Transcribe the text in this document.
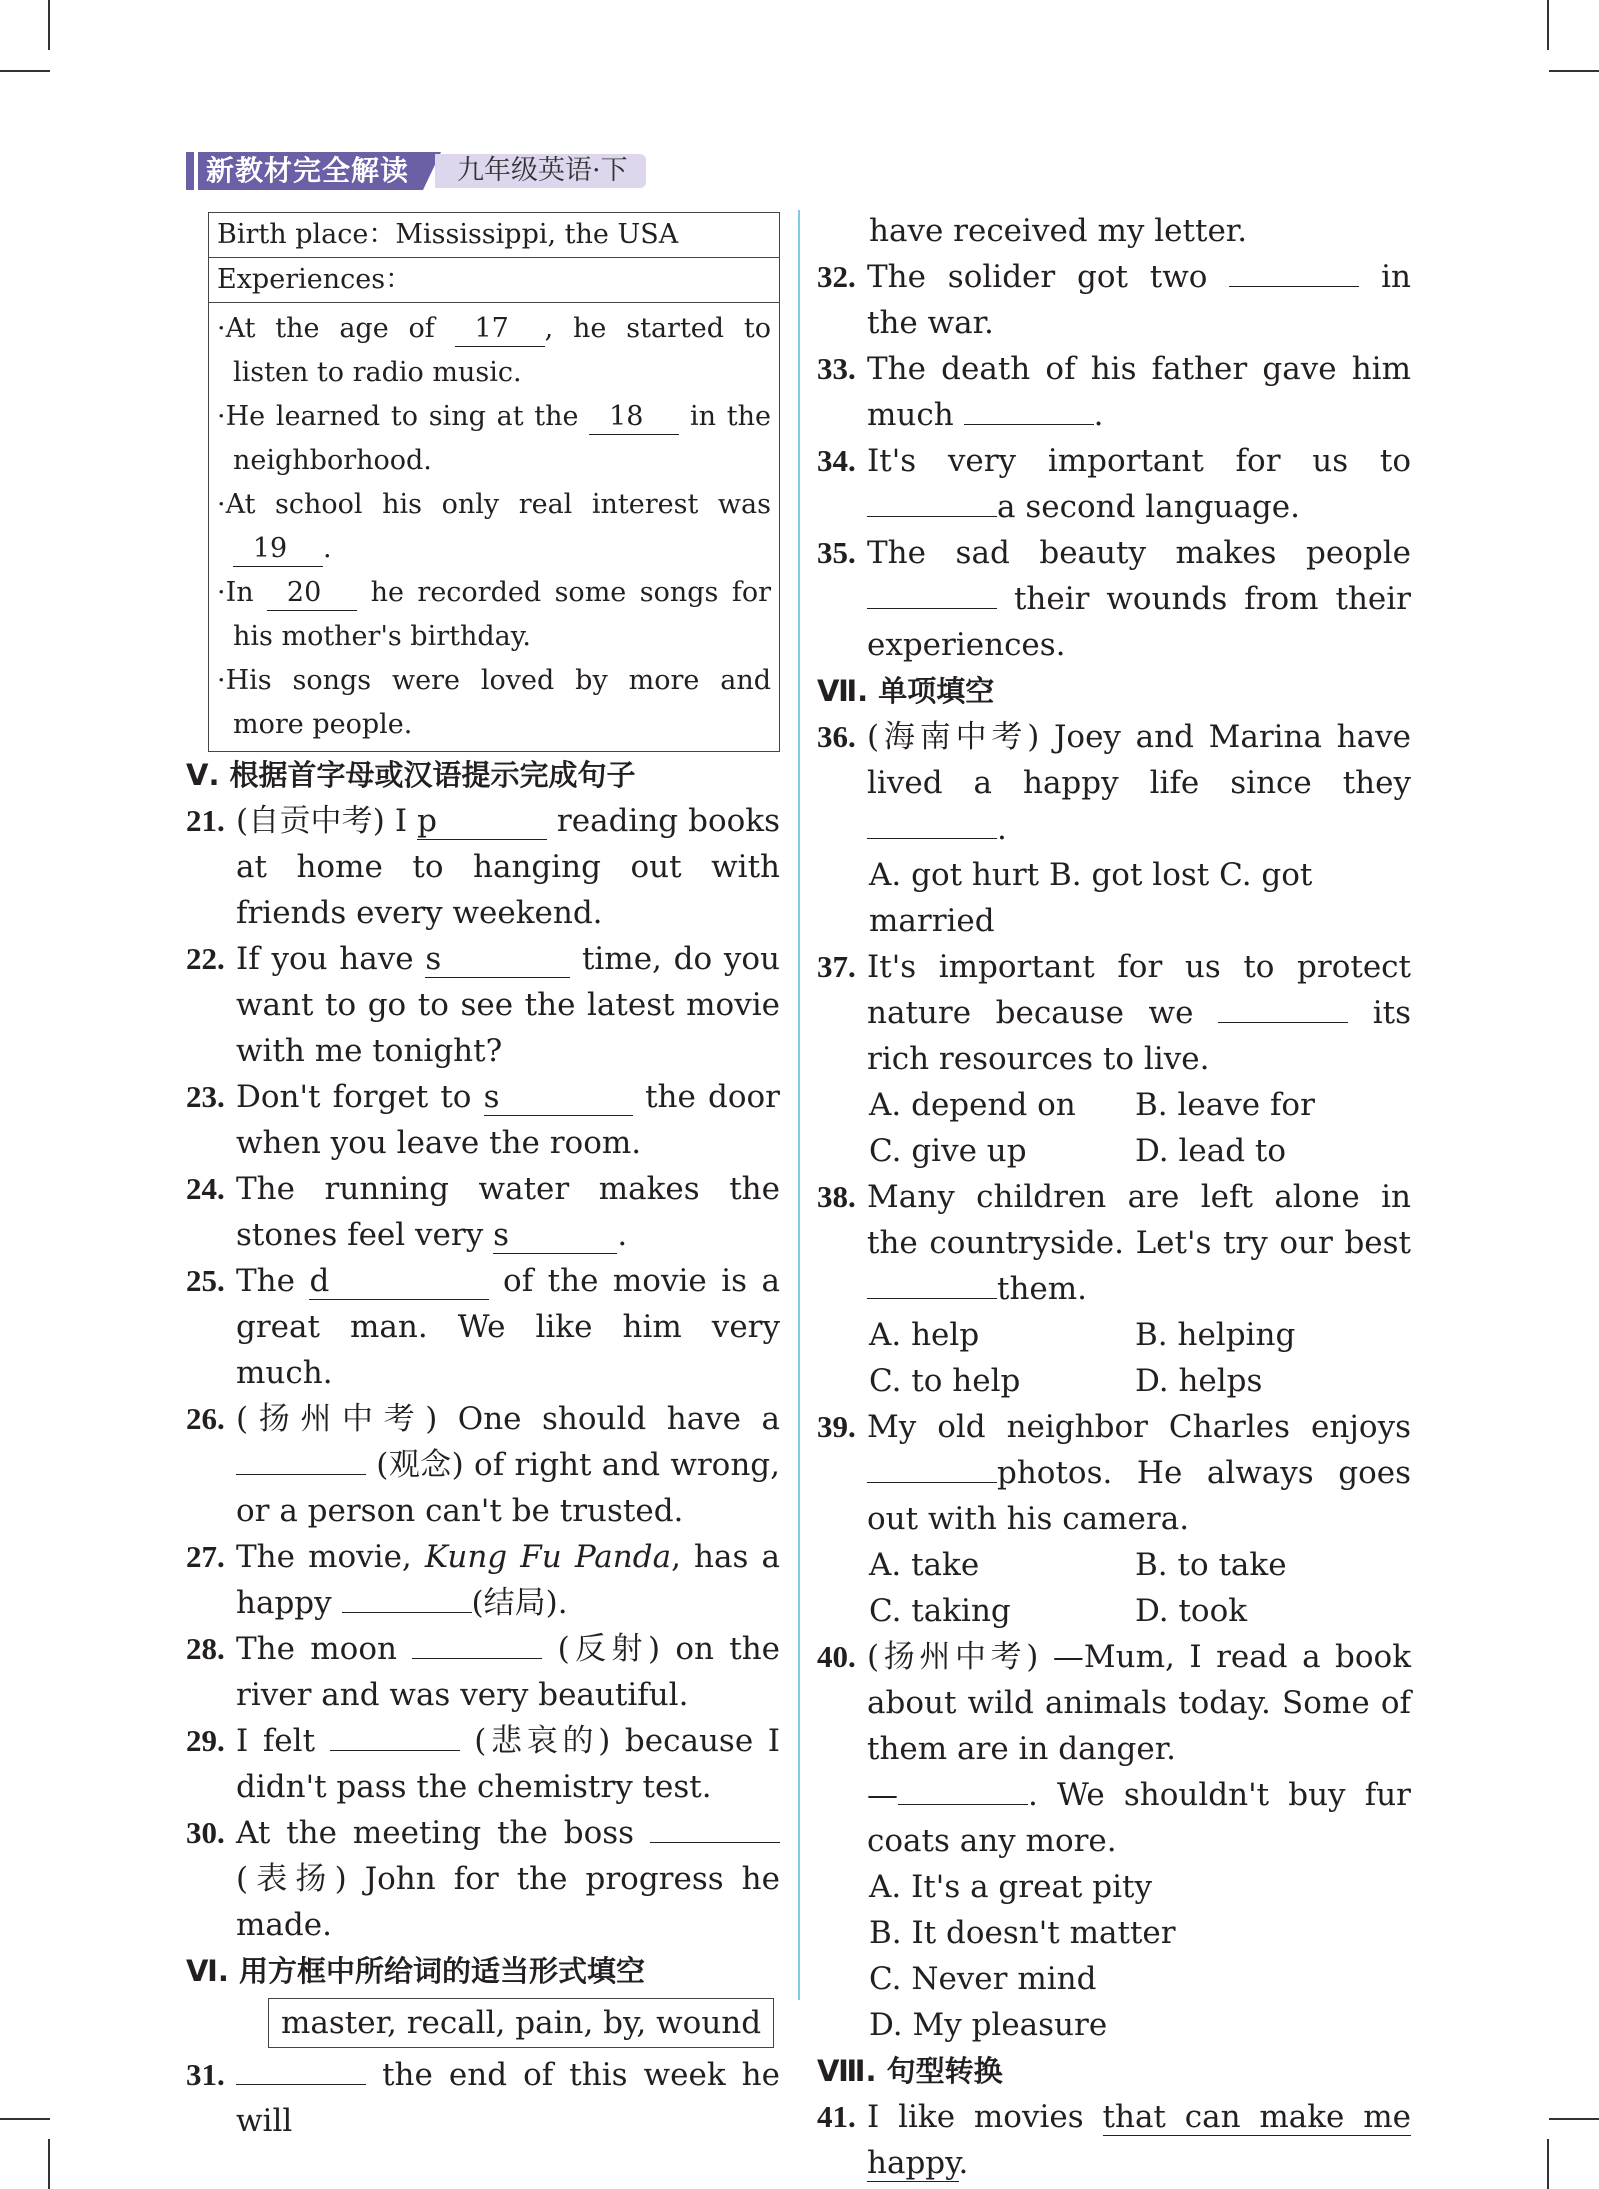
新教材完全解读	九年级英语·下
Birth place：Mississippi, the USA
Experiences：
·At the age of 17 , he started to listen to radio music.
·He learned to sing at the 18 in the neighborhood.
·At school his only real interest was 19 .
·In 20 he recorded some songs for his mother's birthday.
·His songs were loved by more and more people.
Ⅴ. 根据首字母或汉语提示完成句子
21. (自贡中考) I p	reading books at home to hanging out with friends every weekend.
22. If you have s	time, do you want to go to see the latest movie with me tonight?
23. Don't forget to s	the door when you leave the room.
24. The running water makes the stones feel very s	.
25. The d	of the movie is a great man. We like him very much.
26. (扬州中考) One should have a  (观念) of right and wrong, or a person can't be trusted.
27. The movie, Kung Fu Panda, has a happy	(结局).
28. The moon	(反射) on the river and was very beautiful.
29. I felt	(悲哀的) because I didn't pass the chemistry test.
30. At the meeting the boss (表扬) John for the progress he made.
Ⅵ. 用方框中所给词的适当形式填空
master, recall, pain, by, wound
31.	the end of this week he will
have received my letter.
32. The solider got two	in the war.
33. The death of his father gave him much	.
34. It's very important for us to a second language.
35. The sad beauty makes people  their wounds from their experiences.
Ⅶ. 单项填空
36. (海南中考) Joey and Marina have lived a happy life since they .
A. got hurt B. got lost C. got married
37. It's important for us to protect nature because we	its rich resources to live.
A. depend on	B. leave for
C. give up	D. lead to
38. Many children are left alone in the countryside. Let's try our best them.
A. help	B. helping
C. to help	D. helps
39. My old neighbor Charles enjoys photos. He always goes out with his camera.
A. take	B. to take
C. taking	D. took
40. (扬州中考) —Mum, I read a book about wild animals today. Some of them are in danger.
—	. We shouldn't buy fur coats any more.
A. It's a great pity
B. It doesn't matter
C. Never mind
D. My pleasure
Ⅷ. 句型转换
41. I like movies that can make me happy.
